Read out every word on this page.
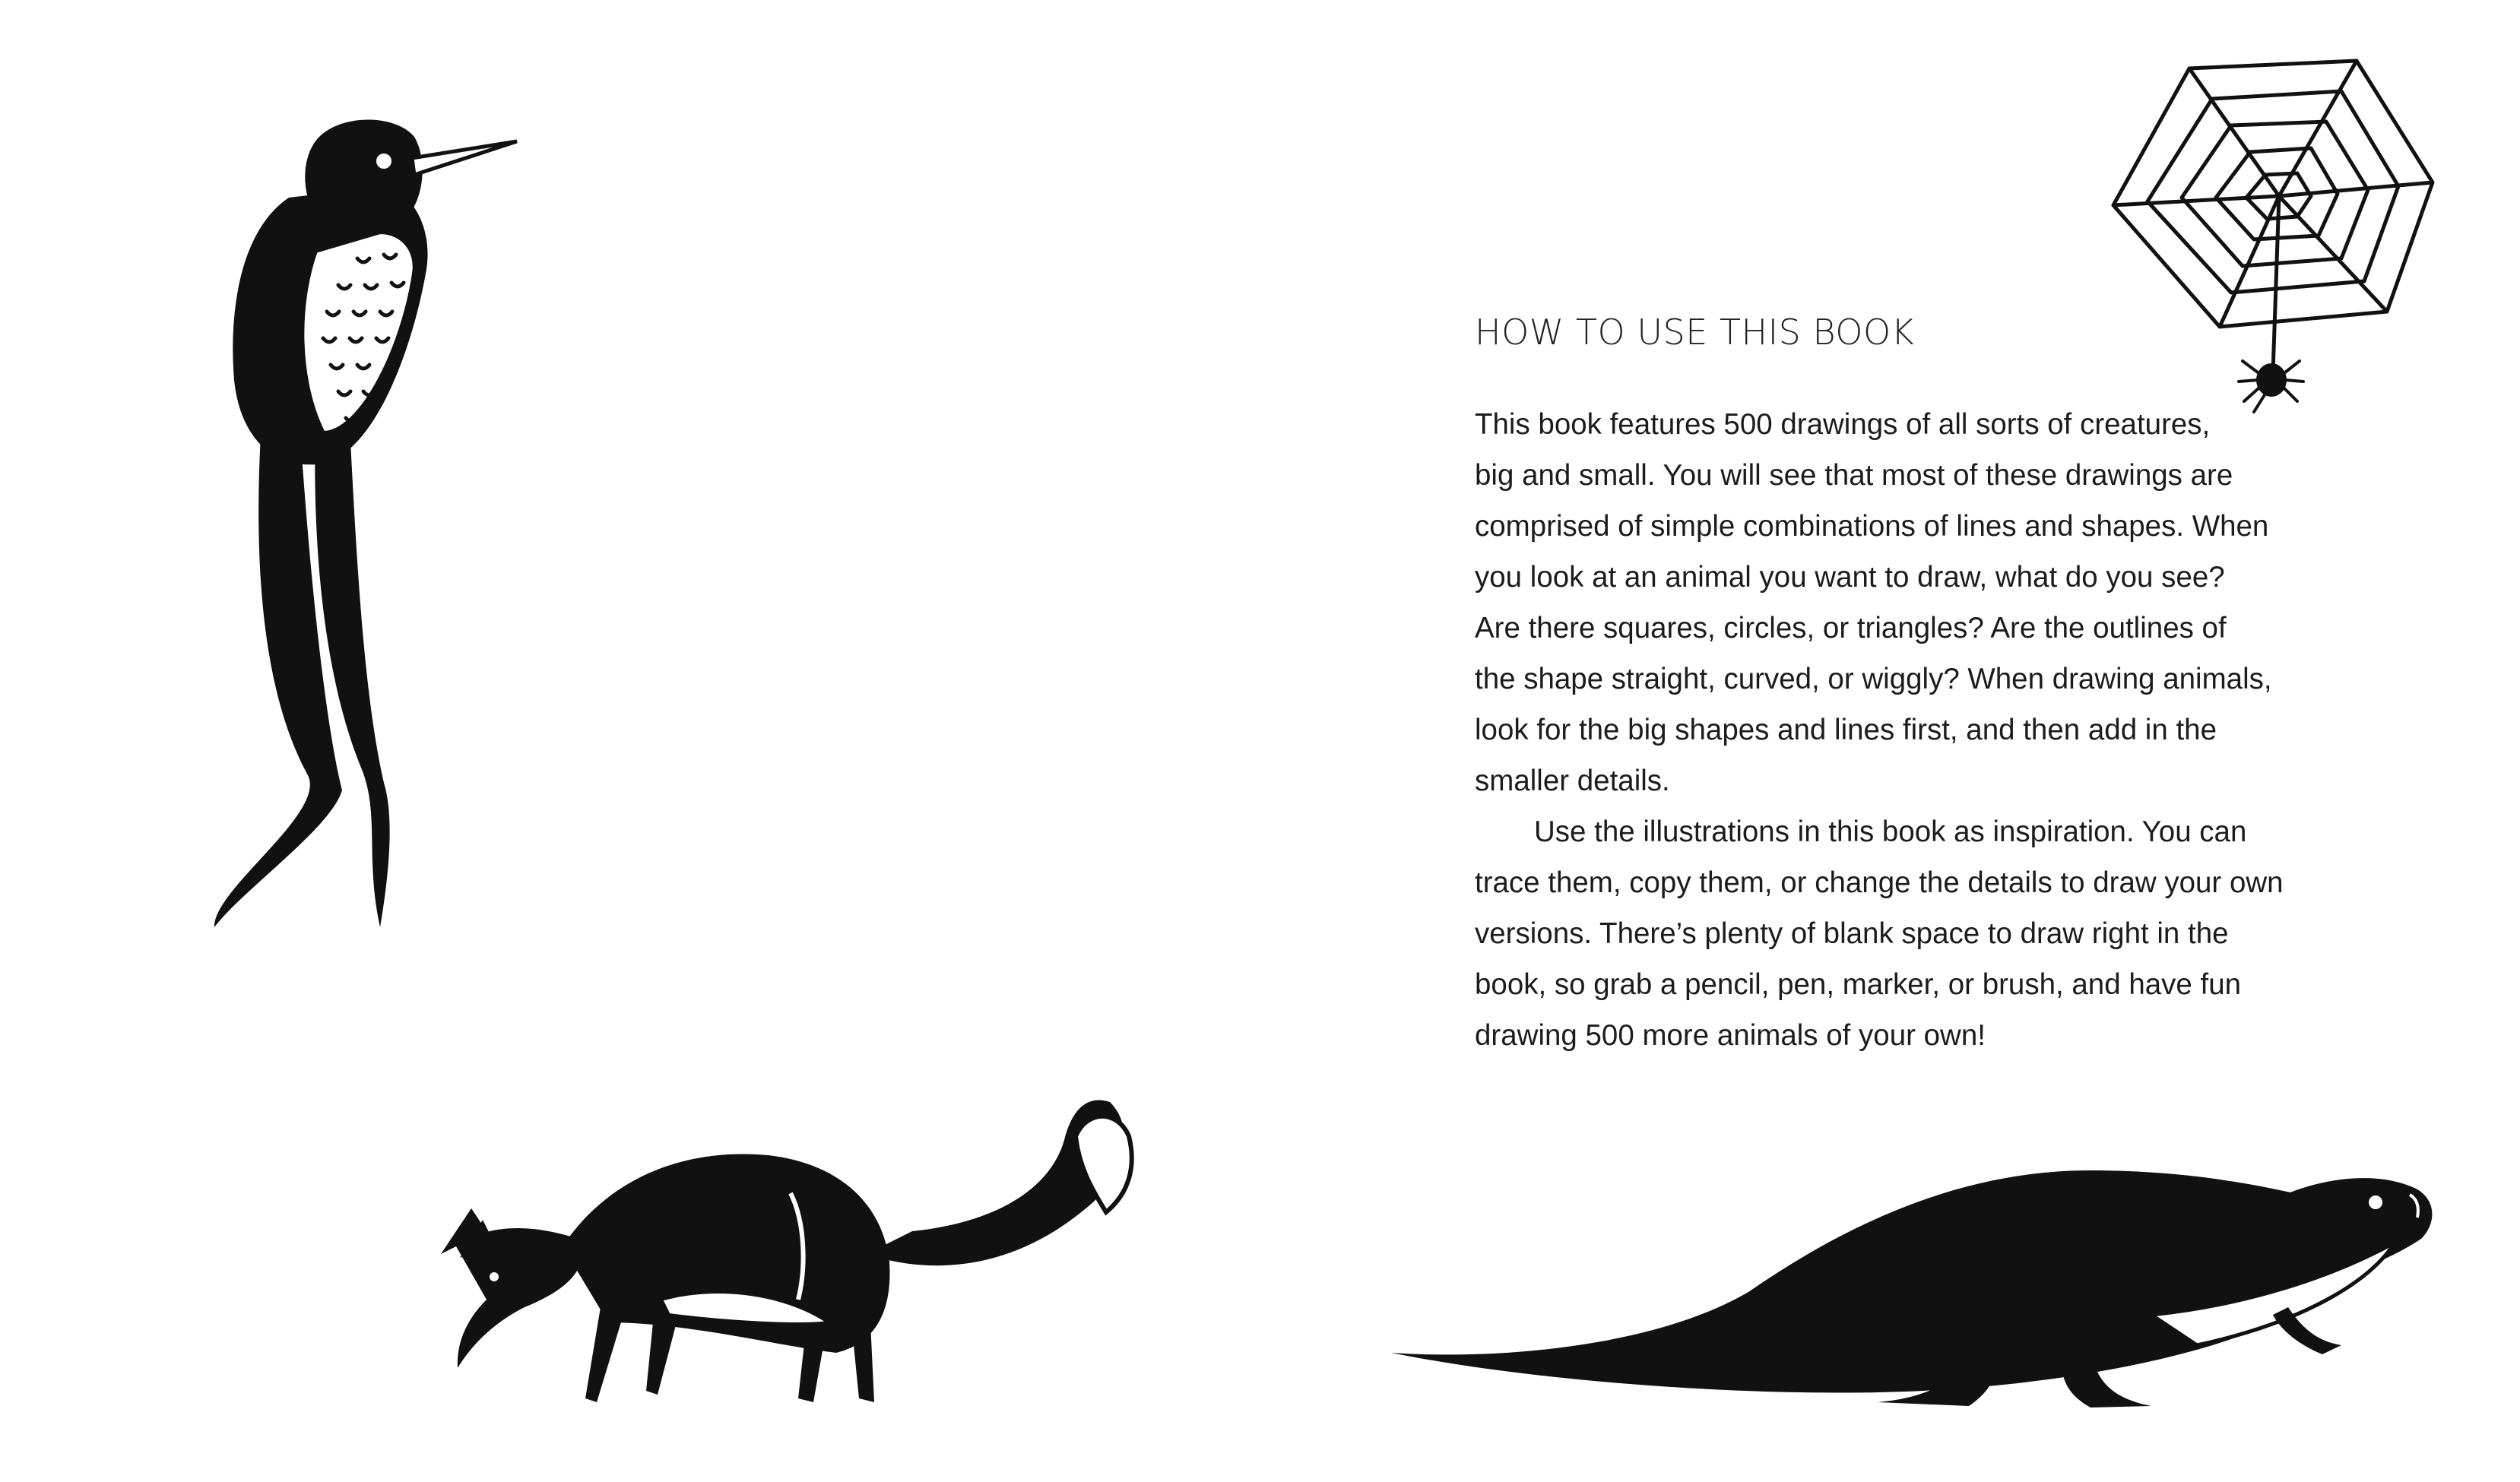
HOW TO USE THIS BOOK

This book features 500 drawings of all sorts of creatures,
big and small. You will see that most of these drawings are
comprised of simple combinations of lines and shapes. When
you look at an animal you want to draw, what do you see?
Are there squares, circles, or triangles? Are the outlines of
the shape straight, curved, or wiggly? When drawing animals,
look for the big shapes and lines first, and then add in the
smaller details.

Use the illustrations in this book as inspiration. You can
trace them, copy them, or change the details to draw your own
versions. There’s plenty of blank space to draw right in the
book, so grab a pencil, pen, marker, or brush, and have fun
drawing 500 more animals of your own!
